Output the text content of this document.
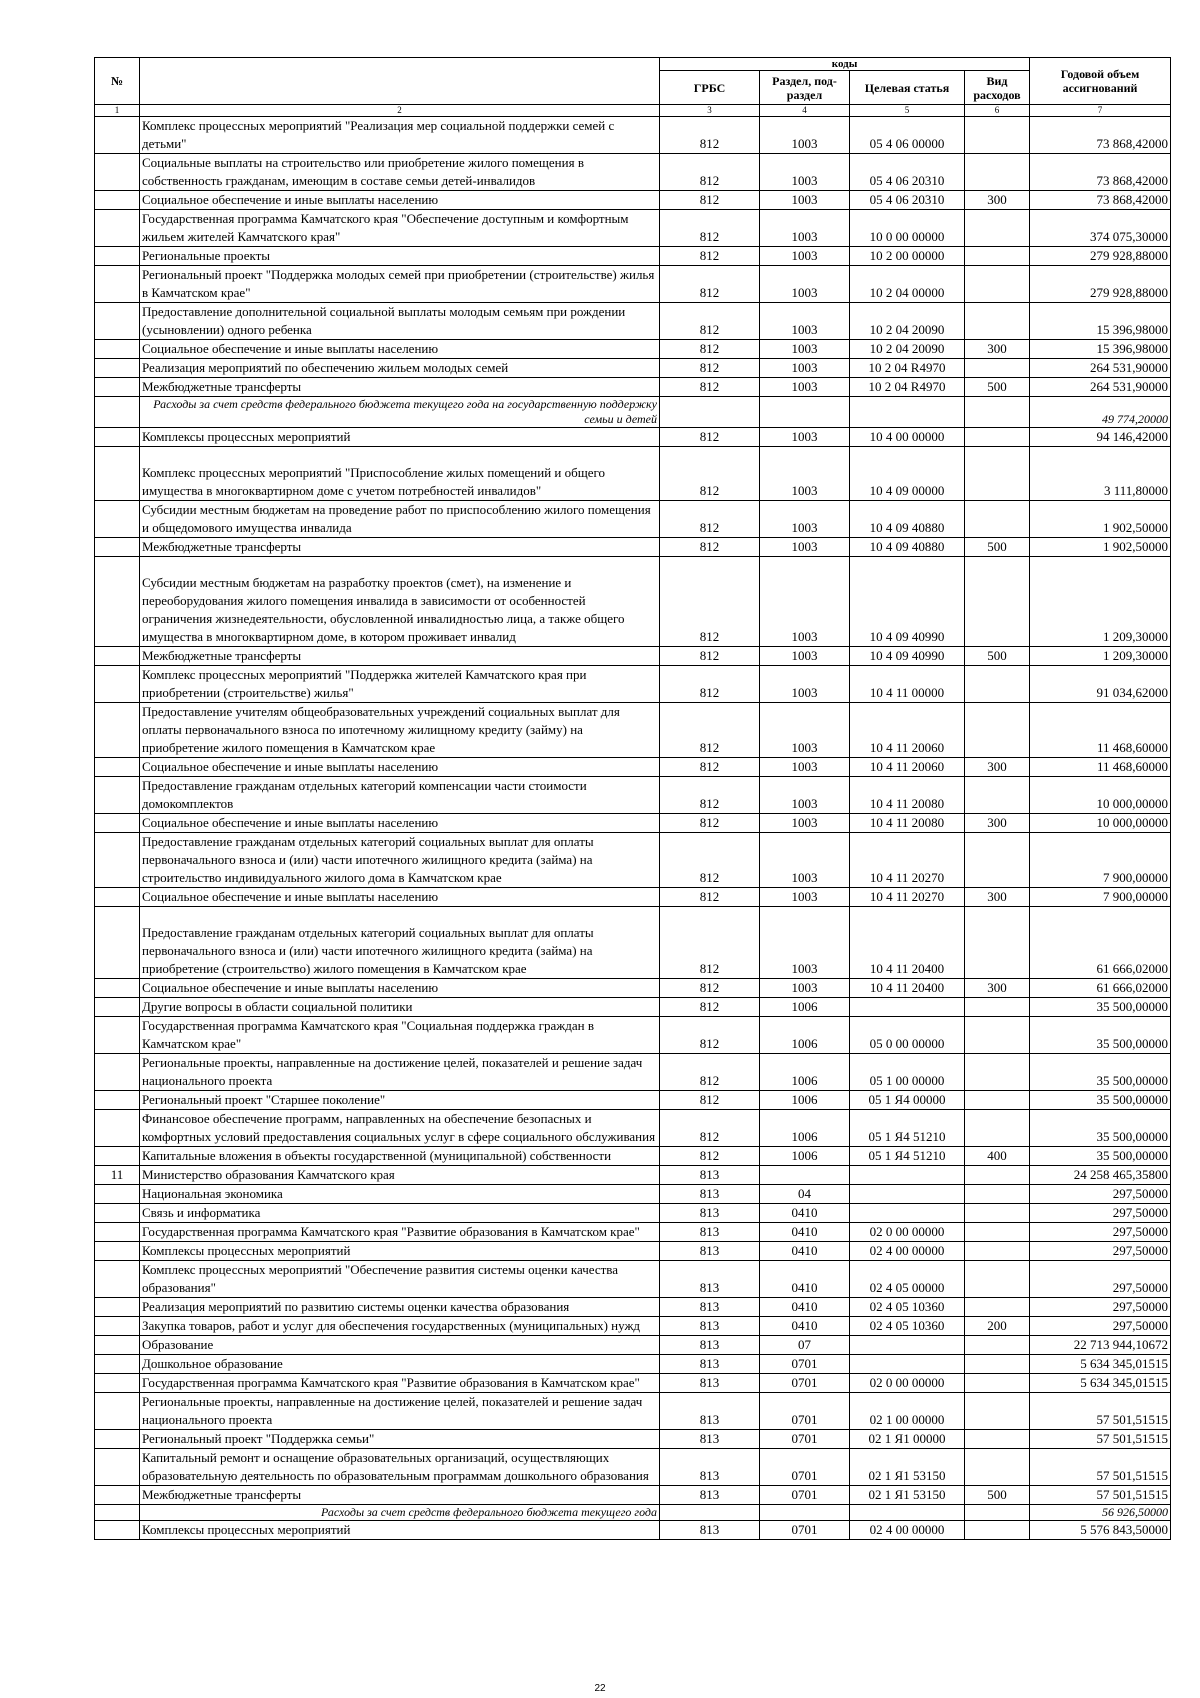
№		коды				Годовой объем ассигнований
		ГРБС	Раздел, под-раздел	Целевая статья	Вид расходов	
1	2	3	4	5	6	7
	Комплекс процессных мероприятий "Реализация мер социальной поддержки семей с детьми"	812	1003	05 4 06 00000		73 868,42000
	Социальные выплаты на строительство или приобретение жилого помещения в собственность гражданам, имеющим в составе семьи детей-инвалидов	812	1003	05 4 06 20310		73 868,42000
	Социальное обеспечение и иные выплаты населению	812	1003	05 4 06 20310	300	73 868,42000
	Государственная программа Камчатского края "Обеспечение доступным и комфортным жильем жителей Камчатского края"	812	1003	10 0 00 00000		374 075,30000
	Региональные проекты	812	1003	10 2 00 00000		279 928,88000
	Региональный проект "Поддержка молодых семей при приобретении (строительстве) жилья в Камчатском крае"	812	1003	10 2 04 00000		279 928,88000
	Предоставление дополнительной социальной выплаты молодым семьям при рождении (усыновлении) одного ребенка	812	1003	10 2 04 20090		15 396,98000
	Социальное обеспечение и иные выплаты населению	812	1003	10 2 04 20090	300	15 396,98000
	Реализация мероприятий по обеспечению жильем молодых семей	812	1003	10 2 04 R4970		264 531,90000
	Межбюджетные трансферты	812	1003	10 2 04 R4970	500	264 531,90000
	Расходы за счет средств федерального бюджета текущего года на государственную поддержку семьи и детей					49 774,20000
	Комплексы процессных мероприятий	812	1003	10 4 00 00000		94 146,42000
	Комплекс процессных мероприятий "Приспособление жилых помещений и общего имущества в многоквартирном доме с учетом потребностей инвалидов"	812	1003	10 4 09 00000		3 111,80000
	Субсидии местным бюджетам на проведение работ по приспособлению жилого помещения и общедомового имущества инвалида	812	1003	10 4 09 40880		1 902,50000
	Межбюджетные трансферты	812	1003	10 4 09 40880	500	1 902,50000
	Субсидии местным бюджетам на разработку проектов (смет), на изменение и переоборудования жилого помещения инвалида в зависимости от особенностей ограничения жизнедеятельности, обусловленной инвалидностью лица, а также общего имущества в многоквартирном доме, в котором проживает инвалид	812	1003	10 4 09 40990		1 209,30000
	Межбюджетные трансферты	812	1003	10 4 09 40990	500	1 209,30000
	Комплекс процессных мероприятий "Поддержка жителей Камчатского края при приобретении (строительстве) жилья"	812	1003	10 4 11 00000		91 034,62000
	Предоставление учителям общеобразовательных учреждений социальных выплат для оплаты первоначального взноса по ипотечному жилищному кредиту (займу) на приобретение жилого помещения в Камчатском крае	812	1003	10 4 11 20060		11 468,60000
	Социальное обеспечение и иные выплаты населению	812	1003	10 4 11 20060	300	11 468,60000
	Предоставление гражданам отдельных категорий компенсации части стоимости домокомплектов	812	1003	10 4 11 20080		10 000,00000
	Социальное обеспечение и иные выплаты населению	812	1003	10 4 11 20080	300	10 000,00000
	Предоставление гражданам отдельных категорий социальных выплат для оплаты первоначального взноса и (или) части ипотечного жилищного кредита (займа) на строительство индивидуального жилого дома в Камчатском крае	812	1003	10 4 11 20270		7 900,00000
	Социальное обеспечение и иные выплаты населению	812	1003	10 4 11 20270	300	7 900,00000
	Предоставление гражданам отдельных категорий социальных выплат для оплаты первоначального взноса и (или) части ипотечного жилищного кредита (займа) на приобретение (строительство) жилого помещения в Камчатском крае	812	1003	10 4 11 20400		61 666,02000
	Социальное обеспечение и иные выплаты населению	812	1003	10 4 11 20400	300	61 666,02000
	Другие вопросы в области социальной политики	812	1006			35 500,00000
	Государственная программа Камчатского края "Социальная поддержка граждан в Камчатском крае"	812	1006	05 0 00 00000		35 500,00000
	Региональные проекты, направленные на достижение целей, показателей и решение задач национального проекта	812	1006	05 1 00 00000		35 500,00000
	Региональный проект "Старшее поколение"	812	1006	05 1 Я4 00000		35 500,00000
	Финансовое обеспечение программ, направленных на обеспечение безопасных и комфортных условий предоставления социальных услуг в сфере социального обслуживания	812	1006	05 1 Я4 51210		35 500,00000
	Капитальные вложения в объекты государственной (муниципальной) собственности	812	1006	05 1 Я4 51210	400	35 500,00000
11	Министерство образования Камчатского края	813				24 258 465,35800
	Национальная экономика	813	04			297,50000
	Связь и информатика	813	0410			297,50000
	Государственная программа Камчатского края "Развитие образования в Камчатском крае"	813	0410	02 0 00 00000		297,50000
	Комплексы процессных мероприятий	813	0410	02 4 00 00000		297,50000
	Комплекс процессных мероприятий "Обеспечение развития системы оценки качества образования"	813	0410	02 4 05 00000		297,50000
	Реализация мероприятий по развитию системы оценки качества образования	813	0410	02 4 05 10360		297,50000
	Закупка товаров, работ и услуг для обеспечения государственных (муниципальных) нужд	813	0410	02 4 05 10360	200	297,50000
	Образование	813	07			22 713 944,10672
	Дошкольное образование	813	0701			5 634 345,01515
	Государственная программа Камчатского края "Развитие образования в Камчатском крае"	813	0701	02 0 00 00000		5 634 345,01515
	Региональные проекты, направленные на достижение целей, показателей и решение задач национального проекта	813	0701	02 1 00 00000		57 501,51515
	Региональный проект "Поддержка семьи"	813	0701	02 1 Я1 00000		57 501,51515
	Капитальный ремонт и оснащение образовательных организаций, осуществляющих образовательную деятельность по образовательным программам дошкольного образования	813	0701	02 1 Я1 53150		57 501,51515
	Межбюджетные трансферты	813	0701	02 1 Я1 53150	500	57 501,51515
	Расходы за счет средств федерального бюджета текущего года					56 926,50000
	Комплексы процессных мероприятий	813	0701	02 4 00 00000		5 576 843,50000
22
